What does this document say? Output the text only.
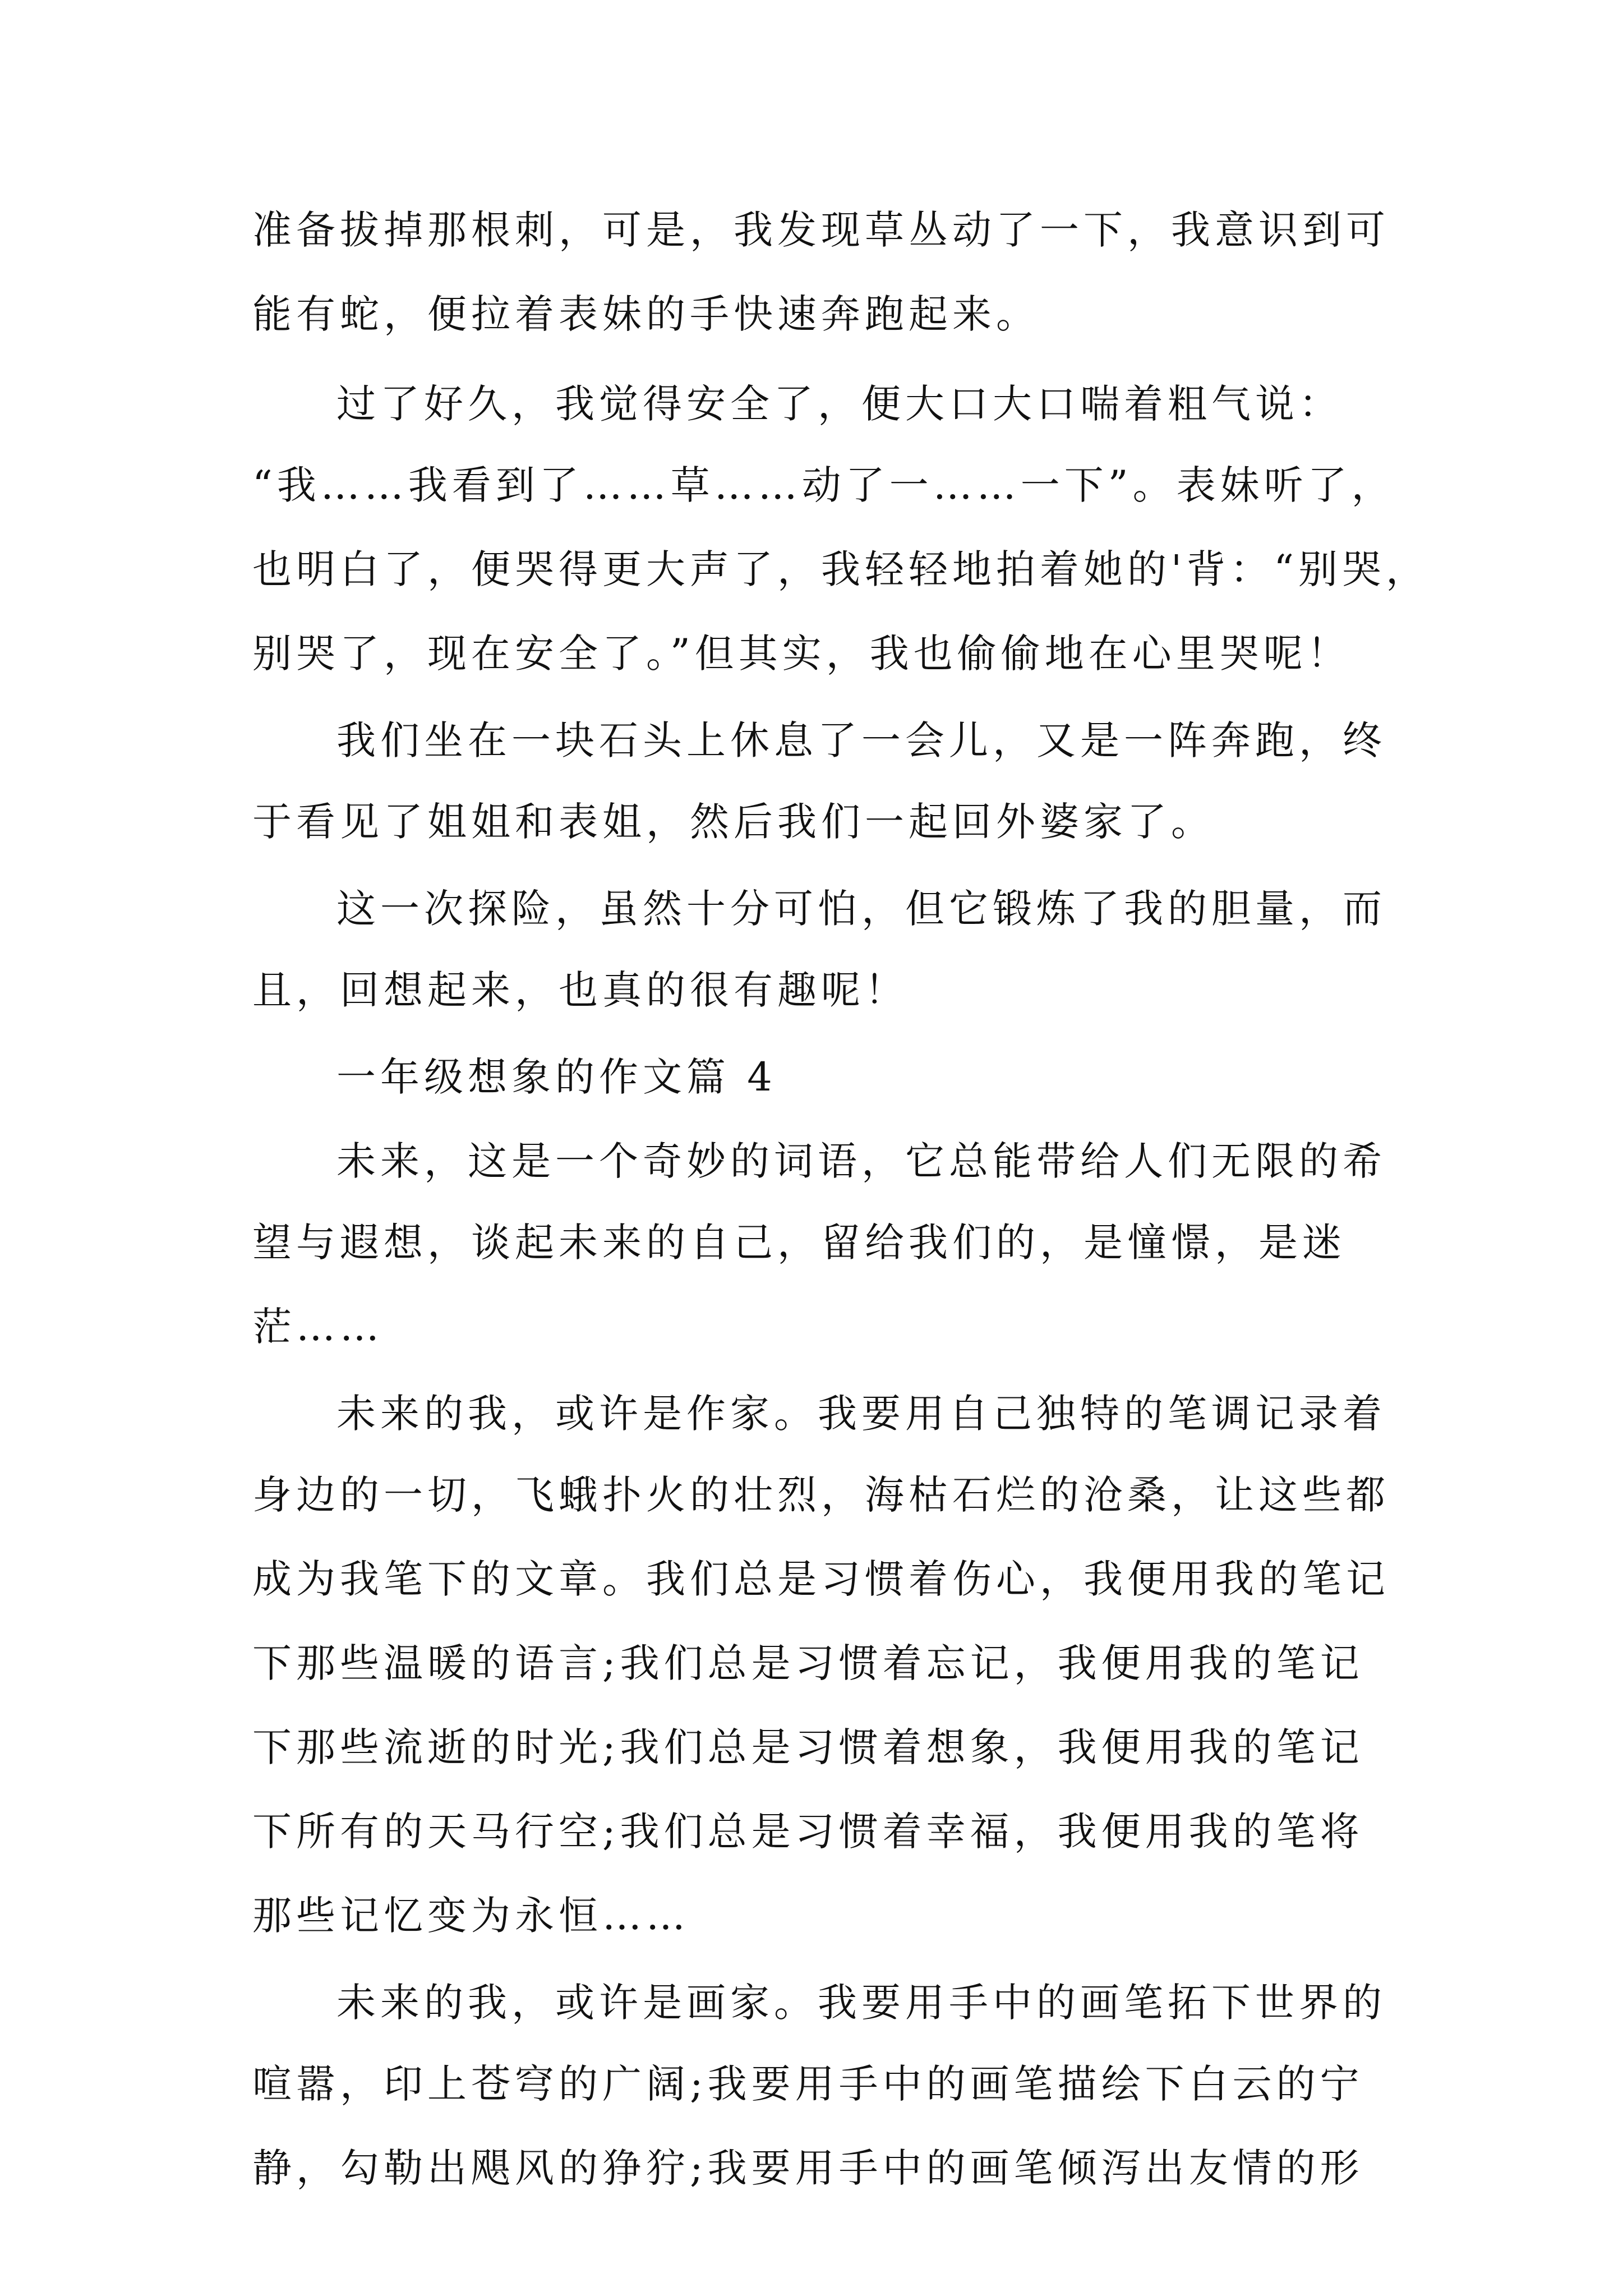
准备拔掉那根刺，可是，我发现草丛动了一下，我意识到可
能有蛇，便拉着表妹的手快速奔跑起来。
过了好久，我觉得安全了，便大口大口喘着粗气说：
“我……我看到了……草……动了一……一下”。表妹听了，
也明白了，便哭得更大声了，我轻轻地拍着她的'背：“别哭，
别哭了，现在安全了。”但其实，我也偷偷地在心里哭呢！
我们坐在一块石头上休息了一会儿，又是一阵奔跑，终
于看见了姐姐和表姐，然后我们一起回外婆家了。
这一次探险，虽然十分可怕，但它锻炼了我的胆量，而
且，回想起来，也真的很有趣呢！
一年级想象的作文篇 4
未来，这是一个奇妙的词语，它总能带给人们无限的希
望与遐想，谈起未来的自己，留给我们的，是憧憬，是迷
茫……
未来的我，或许是作家。我要用自己独特的笔调记录着
身边的一切，飞蛾扑火的壮烈，海枯石烂的沧桑，让这些都
成为我笔下的文章。我们总是习惯着伤心，我便用我的笔记
下那些温暖的语言;我们总是习惯着忘记，我便用我的笔记
下那些流逝的时光;我们总是习惯着想象，我便用我的笔记
下所有的天马行空;我们总是习惯着幸福，我便用我的笔将
那些记忆变为永恒……
未来的我，或许是画家。我要用手中的画笔拓下世界的
喧嚣，印上苍穹的广阔;我要用手中的画笔描绘下白云的宁
静，勾勒出飓风的狰狞;我要用手中的画笔倾泻出友情的形
